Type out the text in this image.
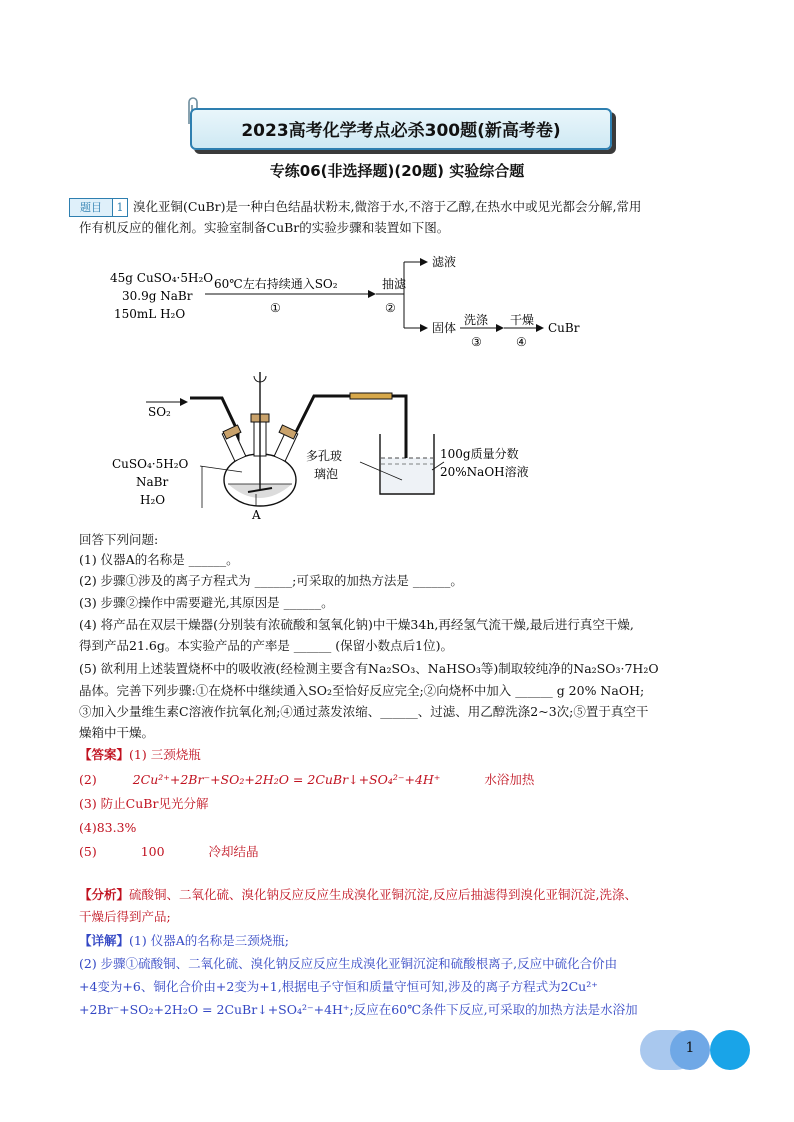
2023高考化学考点必杀300题(新高考卷)
专练06(非选择题)(20题) 实验综合题
题目	1 溴化亚铜(CuBr)是一种白色结晶状粉末,微溶于水,不溶于乙醇,在热水中或见光都会分解,常用
作有机反应的催化剂。实验室制备CuBr的实验步骤和装置如下图。
45g CuSO₄·5H₂O
30.9g NaBr
150mL H₂O
60℃左右持续通入SO₂
①
抽滤
②
滤液
固体
洗涤
③
干燥
④
CuBr
SO₂
CuSO₄·5H₂O
NaBr
H₂O
A
多孔玻
璃泡
100g质量分数
20%NaOH溶液
回答下列问题:
(1) 仪器A的名称是 ______。
(2) 步骤①涉及的离子方程式为 ______;可采取的加热方法是 ______。
(3) 步骤②操作中需要避光,其原因是 ______。
(4) 将产品在双层干燥器(分别装有浓硫酸和氢氧化钠)中干燥34h,再经氢气流干燥,最后进行真空干燥,
得到产品21.6g。本实验产品的产率是 ______ (保留小数点后1位)。
(5) 欲利用上述装置烧杯中的吸收液(经检测主要含有Na₂SO₃、NaHSO₃等)制取较纯净的Na₂SO₃·7H₂O
晶体。完善下列步骤:①在烧杯中继续通入SO₂至恰好反应完全;②向烧杯中加入 ______ g 20% NaOH;
③加入少量维生素C溶液作抗氧化剂;④通过蒸发浓缩、______、过滤、用乙醇洗涤2~3次;⑤置于真空干
燥箱中干燥。
【答案】(1) 三颈烧瓶
(2)	2Cu²⁺+2Br⁻+SO₂+2H₂O = 2CuBr↓+SO₄²⁻+4H⁺	水浴加热
(3) 防止CuBr见光分解
(4)83.3%
(5)	100	冷却结晶
【分析】硫酸铜、二氧化硫、溴化钠反应反应生成溴化亚铜沉淀,反应后抽滤得到溴化亚铜沉淀,洗涤、
干燥后得到产品;
【详解】(1) 仪器A的名称是三颈烧瓶;
(2) 步骤①硫酸铜、二氧化硫、溴化钠反应反应生成溴化亚铜沉淀和硫酸根离子,反应中硫化合价由
+4变为+6、铜化合价由+2变为+1,根据电子守恒和质量守恒可知,涉及的离子方程式为2Cu²⁺
+2Br⁻+SO₂+2H₂O = 2CuBr↓+SO₄²⁻+4H⁺;反应在60℃条件下反应,可采取的加热方法是水浴加
1
